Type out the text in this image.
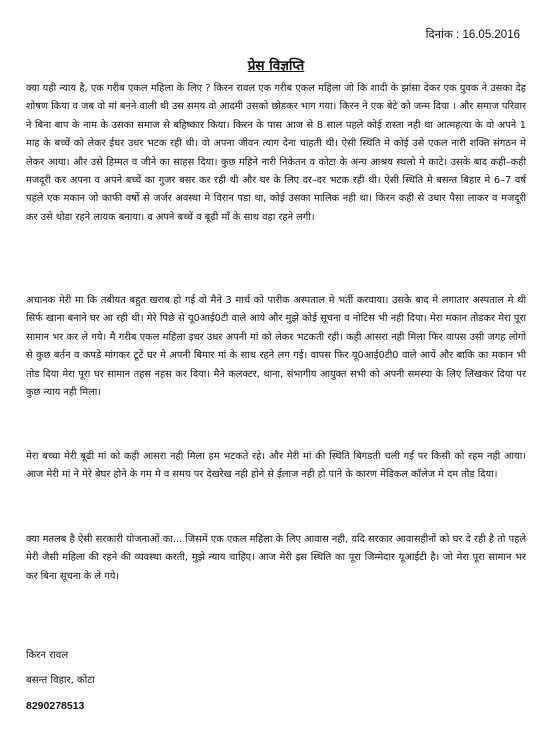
दिनांक : 16.05.2016
प्रेस विज्ञप्ति

क्या यही न्याय है, एक गरीब एकल महिला के लिए ? किरन रावल एक गरीब एकल महिला जो कि शादी के झांसा देकर एक युवक ने उसका देह शोषण किया व जब वो मां बनने वाली थी उस समय वो आदमी उसको छोडकर भाग गया। किरन ने एक बेटे को जन्म दिया । और समाज परिवार ने बिना बाप के नाम के उसका समाज से बहिष्कार किया। किरन के पास आज से 8 साल पहले कोई रास्ता नही था आत्महत्या के वो अपने 1 माह के बच्चें को लेकर ईधर उधर भटक रही थी। वो अपना जीवन त्याग देना चाहती थी। ऐसी स्थिति मे कोई उसे एकल नारी शक्ति संगठन मे लेकर आया। और उसे हिम्मत व जीने का साहस दिया। कुछ महिने नारी निकेतन व कोटा के अन्य आश्रय स्थलो मे काटे। उसके बाद कही–कही मजदूरी कर अपना व अपने बच्चें का गुजर बसर कर रही थी और घर के लिए दर–दर भटक रही थी। ऐसी स्थिति मे बसन्त बिहार मे 6–7 वर्ष पहले एक मकान जो काफी वर्षो से जर्जर अवस्था मे विरान पडा था, कोई उसका मालिक नही था। किरन कही से उधार पैसा लाकर व मजदूरी कर उसे थोडा रहने लायक बनाया। व अपने बच्चें व बूढी माँ के साथ वहा रहने लगी।

अचानक मेरी मा कि तबीयत बहुत खराब हो गई वो मैने 3 मार्च को पारीक अस्पताल मे भर्ती करवाया। उसके बाद मे लगातार अस्पताल मे थी सिर्फ खाना बनाने घर आ रही थी। मेरे पिछे से यू0आई0टी वाले आये और मुझे कोई सूचना व नोटिस भी नही दिया। मेरा मकान तोडकर मेरा पूरा सामान भर कर ले गये। मै गरीब एकल महिला इधर उधर अपनी मां को लेकर भटकती रही। कही आसरा नही मिला फिर वापस उसी जगह लोगो से कुछ बर्तन व कपडे मांगकर टूटें घर मे अपनी बिमार मां के साथ रहने लग गई। वापस फिर यू0आई0टी0 वाले आयें और बाकि का मकान भी तोड दिया मेरा पूरा घर सामान तहस नहस कर दिया। मैने कलक्टर, थाना, संभागीय आयुक्त सभी को अपनी समस्या के लिए लिखकर दिया पर कुछ न्याय नही मिला।

मेरा बच्चा मेरी बूढी मां को कही आसरा नही मिला हम भटकते रहे। और मेरी मां की स्थिति बिगडती चली गई पर किसी को रहम नही आया। आज मेरी मां ने मेरे बेघर होने के गम मे व समय पर देखरेख नही होने से ईलाज नही हो पाने के कारण मेडिकल कॉलेज मे दम तोड दिया।

क्या मतलब है ऐसी सरकारी योजनाओं का... जिसमें एक एकल महिला के लिए आवास नही, यदि सरकार आवासहीनों को घर दे रही है तो पहले मेरी जैसी महिला की रहने की व्यवस्था करती, मुझे न्याय चाहिए। आज मेरी इस स्थिति का पूरा जिम्मेदार यूआईटी है। जो मेरा पूरा सामान भर कर बिना सूचना के ले गये।

किरन रावल
बसन्त विहार, कोटा
8290278513
